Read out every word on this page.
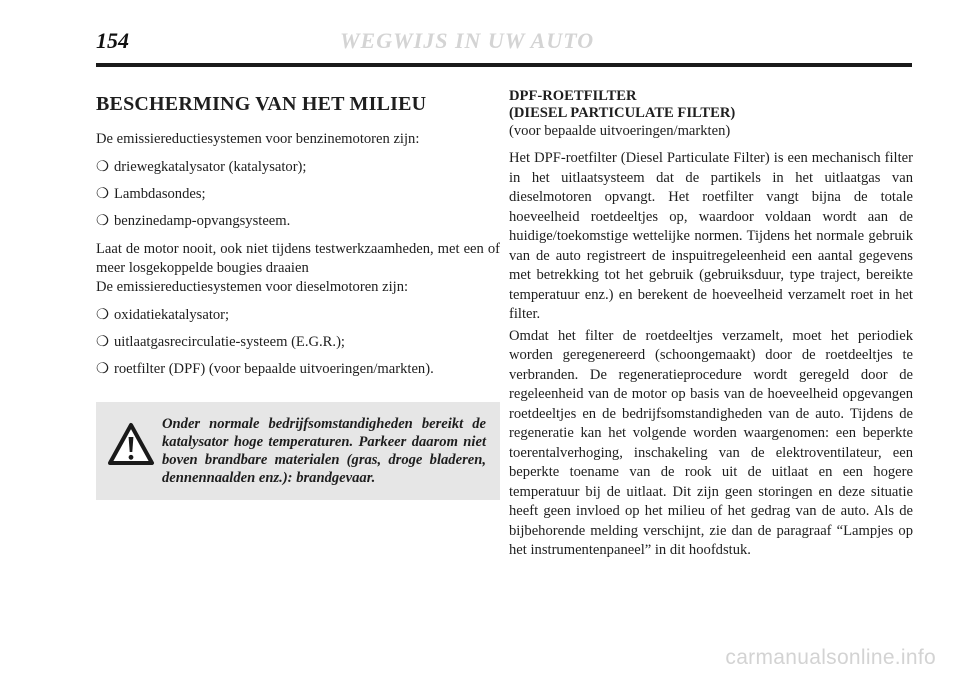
154	WEGWIJS IN UW AUTO
BESCHERMING VAN HET MILIEU

De emissiereductiesystemen voor benzinemotoren zijn:

❍ driewegkatalysator (katalysator);
❍ Lambdasondes;
❍ benzinedamp-opvangsysteem.

Laat de motor nooit, ook niet tijdens testwerkzaamheden, met een of meer losgekoppelde bougies draaien

De emissiereductiesystemen voor dieselmotoren zijn:

❍ oxidatiekatalysator;
❍ uitlaatgasrecirculatie-systeem (E.G.R.);
❍ roetfilter (DPF) (voor bepaalde uitvoeringen/markten).
Onder normale bedrijfsomstandigheden bereikt de katalysator hoge temperaturen. Parkeer daarom niet boven brandbare materialen (gras, droge bladeren, dennennaalden enz.): brandgevaar.
DPF-ROETFILTER
(DIESEL PARTICULATE FILTER)
(voor bepaalde uitvoeringen/markten)

Het DPF-roetfilter (Diesel Particulate Filter) is een mechanisch filter in het uitlaatsysteem dat de partikels in het uitlaatgas van dieselmotoren opvangt. Het roetfilter vangt bijna de totale hoeveelheid roetdeeltjes op, waardoor voldaan wordt aan de huidige/toekomstige wettelijke normen. Tijdens het normale gebruik van de auto registreert de inspuitregeleenheid een aantal gegevens met betrekking tot het gebruik (gebruiksduur, type traject, bereikte temperatuur enz.) en berekent de hoeveelheid verzamelt roet in het filter.

Omdat het filter de roetdeeltjes verzamelt, moet het periodiek worden geregenereerd (schoongemaakt) door de roetdeeltjes te verbranden. De regeneratieprocedure wordt geregeld door de regeleenheid van de motor op basis van de hoeveelheid opgevangen roetdeeltjes en de bedrijfsomstandigheden van de auto. Tijdens de regeneratie kan het volgende worden waargenomen: een beperkte toerentalverhoging, inschakeling van de elektroventilateur, een beperkte toename van de rook uit de uitlaat en een hogere temperatuur bij de uitlaat. Dit zijn geen storingen en deze situatie heeft geen invloed op het milieu of het gedrag van de auto. Als de bijbehorende melding verschijnt, zie dan de paragraaf “Lampjes op het instrumentenpaneel” in dit hoofdstuk.

carmanualsonline.info
